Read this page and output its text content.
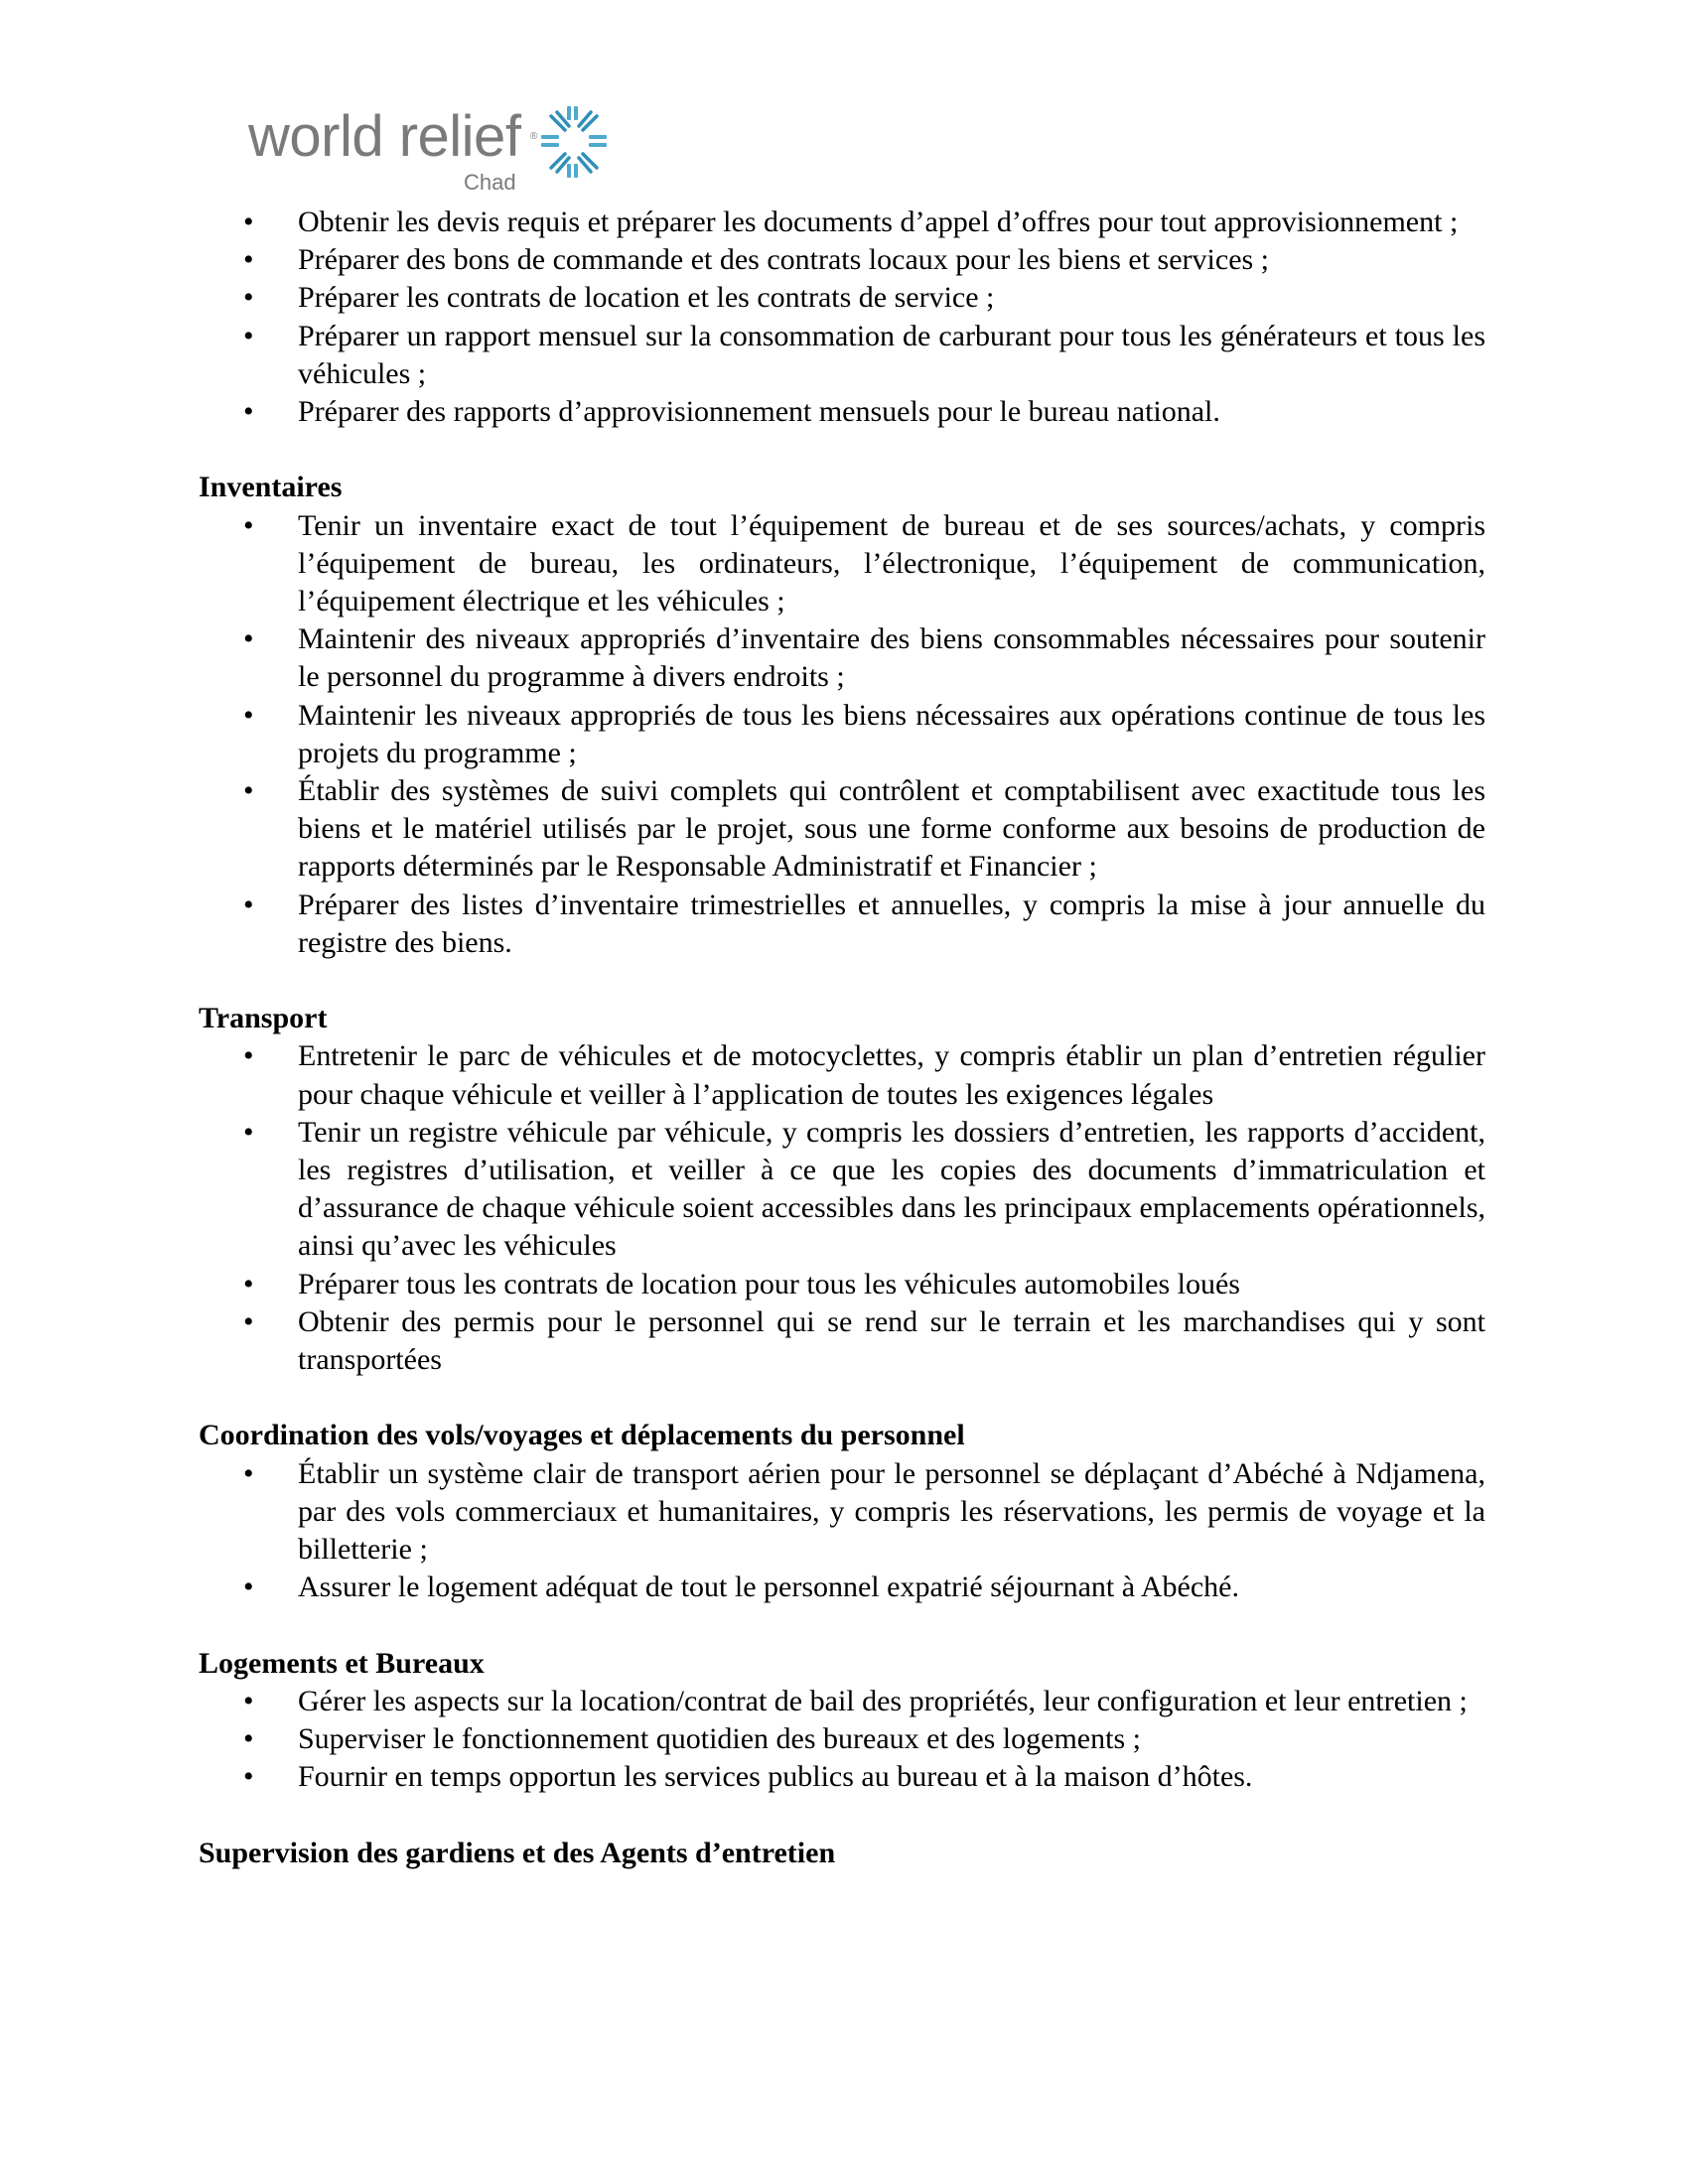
world relief ®
Chad
• Obtenir les devis requis et préparer les documents d’appel d’offres pour tout approvisionnement ;
• Préparer des bons de commande et des contrats locaux pour les biens et services ;
• Préparer les contrats de location et les contrats de service ;
• Préparer un rapport mensuel sur la consommation de carburant pour tous les générateurs et tous les véhicules ;
• Préparer des rapports d’approvisionnement mensuels pour le bureau national.
Inventaires
• Tenir un inventaire exact de tout l’équipement de bureau et de ses sources/achats, y compris l’équipement de bureau, les ordinateurs, l’électronique, l’équipement de communication, l’équipement électrique et les véhicules ;
• Maintenir des niveaux appropriés d’inventaire des biens consommables nécessaires pour soutenir le personnel du programme à divers endroits ;
• Maintenir les niveaux appropriés de tous les biens nécessaires aux opérations continue de tous les projets du programme ;
• Établir des systèmes de suivi complets qui contrôlent et comptabilisent avec exactitude tous les biens et le matériel utilisés par le projet, sous une forme conforme aux besoins de production de rapports déterminés par le Responsable Administratif et Financier ;
• Préparer des listes d’inventaire trimestrielles et annuelles, y compris la mise à jour annuelle du registre des biens.
Transport
• Entretenir le parc de véhicules et de motocyclettes, y compris établir un plan d’entretien régulier pour chaque véhicule et veiller à l’application de toutes les exigences légales
• Tenir un registre véhicule par véhicule, y compris les dossiers d’entretien, les rapports d’accident, les registres d’utilisation, et veiller à ce que les copies des documents d’immatriculation et d’assurance de chaque véhicule soient accessibles dans les principaux emplacements opérationnels, ainsi qu’avec les véhicules
• Préparer tous les contrats de location pour tous les véhicules automobiles loués
• Obtenir des permis pour le personnel qui se rend sur le terrain et les marchandises qui y sont transportées
Coordination des vols/voyages et déplacements du personnel
• Établir un système clair de transport aérien pour le personnel se déplaçant d’Abéché à Ndjamena, par des vols commerciaux et humanitaires, y compris les réservations, les permis de voyage et la billetterie ;
• Assurer le logement adéquat de tout le personnel expatrié séjournant à Abéché.
Logements et Bureaux
• Gérer les aspects sur la location/contrat de bail des propriétés, leur configuration et leur entretien ;
• Superviser le fonctionnement quotidien des bureaux et des logements ;
• Fournir en temps opportun les services publics au bureau et à la maison d’hôtes.
Supervision des gardiens et des Agents d’entretien
